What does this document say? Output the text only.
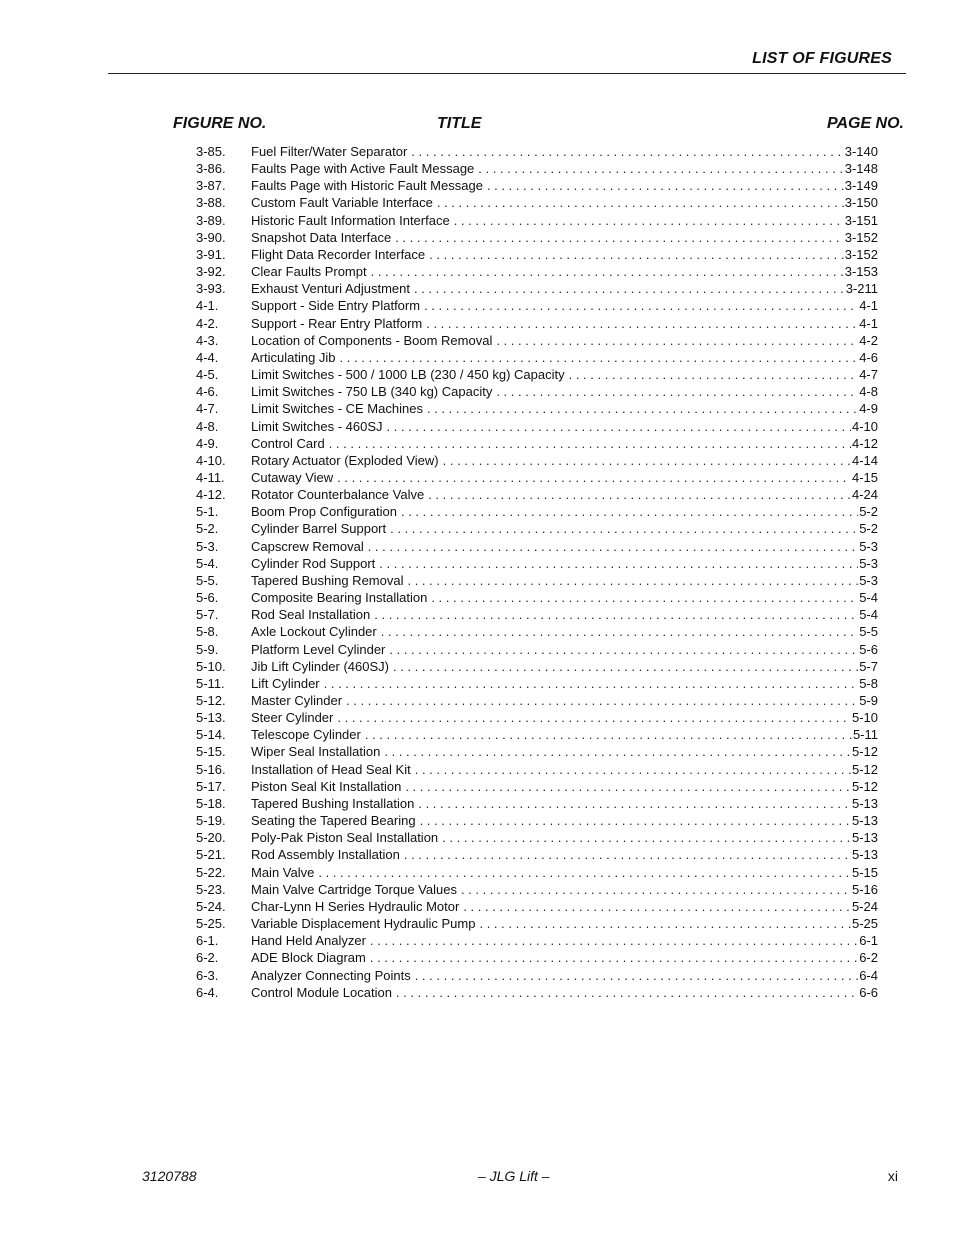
LIST OF FIGURES
FIGURE NO.	TITLE	PAGE NO.
3-85.	Fuel Filter/Water Separator . . .	3-140
3-86.	Faults Page with Active Fault Message . . .	3-148
3-87.	Faults Page with Historic Fault Message . . .	3-149
3-88.	Custom Fault Variable Interface . . .	3-150
3-89.	Historic Fault Information Interface . . .	3-151
3-90.	Snapshot Data Interface . . .	3-152
3-91.	Flight Data Recorder Interface . . .	3-152
3-92.	Clear Faults Prompt . . .	3-153
3-93.	Exhaust Venturi Adjustment . . .	3-211
4-1.	Support - Side Entry Platform . . .	4-1
4-2.	Support - Rear Entry Platform . . .	4-1
4-3.	Location of Components - Boom Removal . . .	4-2
4-4.	Articulating Jib . . .	4-6
4-5.	Limit Switches - 500 / 1000 LB (230 / 450 kg) Capacity . . .	4-7
4-6.	Limit Switches - 750 LB (340 kg) Capacity . . .	4-8
4-7.	Limit Switches - CE Machines . . .	4-9
4-8.	Limit Switches - 460SJ . . .	4-10
4-9.	Control Card . . .	4-12
4-10.	Rotary Actuator (Exploded View) . . .	4-14
4-11.	Cutaway View . . .	4-15
4-12.	Rotator Counterbalance Valve . . .	4-24
5-1.	Boom Prop Configuration . . .	5-2
5-2.	Cylinder Barrel Support . . .	5-2
5-3.	Capscrew Removal . . .	5-3
5-4.	Cylinder Rod Support . . .	5-3
5-5.	Tapered Bushing Removal . . .	5-3
5-6.	Composite Bearing Installation . . .	5-4
5-7.	Rod Seal Installation . . .	5-4
5-8.	Axle Lockout Cylinder . . .	5-5
5-9.	Platform Level Cylinder . . .	5-6
5-10.	Jib Lift Cylinder (460SJ) . . .	5-7
5-11.	Lift Cylinder . . .	5-8
5-12.	Master Cylinder . . .	5-9
5-13.	Steer Cylinder . . .	5-10
5-14.	Telescope Cylinder . . .	5-11
5-15.	Wiper Seal Installation . . .	5-12
5-16.	Installation of Head Seal Kit . . .	5-12
5-17.	Piston Seal Kit Installation . . .	5-12
5-18.	Tapered Bushing Installation . . .	5-13
5-19.	Seating the Tapered Bearing . . .	5-13
5-20.	Poly-Pak Piston Seal Installation . . .	5-13
5-21.	Rod Assembly Installation . . .	5-13
5-22.	Main Valve . . .	5-15
5-23.	Main Valve Cartridge Torque Values . . .	5-16
5-24.	Char-Lynn H Series Hydraulic Motor . . .	5-24
5-25.	Variable Displacement Hydraulic Pump . . .	5-25
6-1.	Hand Held Analyzer . . .	6-1
6-2.	ADE Block Diagram . . .	6-2
6-3.	Analyzer Connecting Points . . .	6-4
6-4.	Control Module Location . . .	6-6
3120788	– JLG Lift –	xi
